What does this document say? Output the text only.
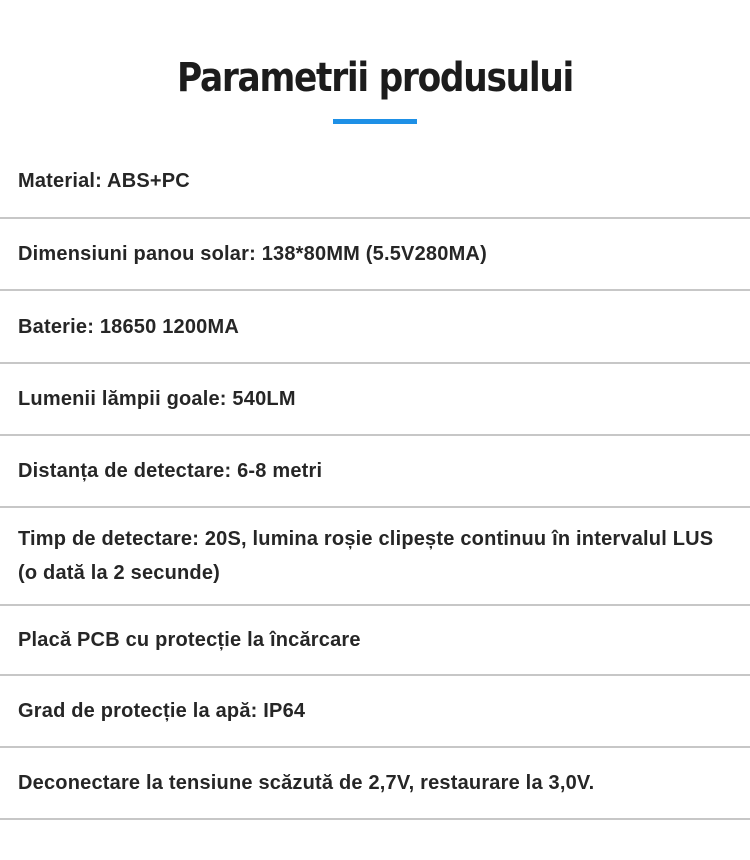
Parametrii produsului
Material: ABS+PC
Dimensiuni panou solar: 138*80MM (5.5V280MA)
Baterie: 18650 1200MA
Lumenii lămpii goale: 540LM
Distanța de detectare: 6-8 metri
Timp de detectare: 20S, lumina roșie clipește continuu în intervalul LUS (o dată la 2 secunde)
Placă PCB cu protecție la încărcare
Grad de protecție la apă: IP64
Deconectare la tensiune scăzută de 2,7V, restaurare la 3,0V.
